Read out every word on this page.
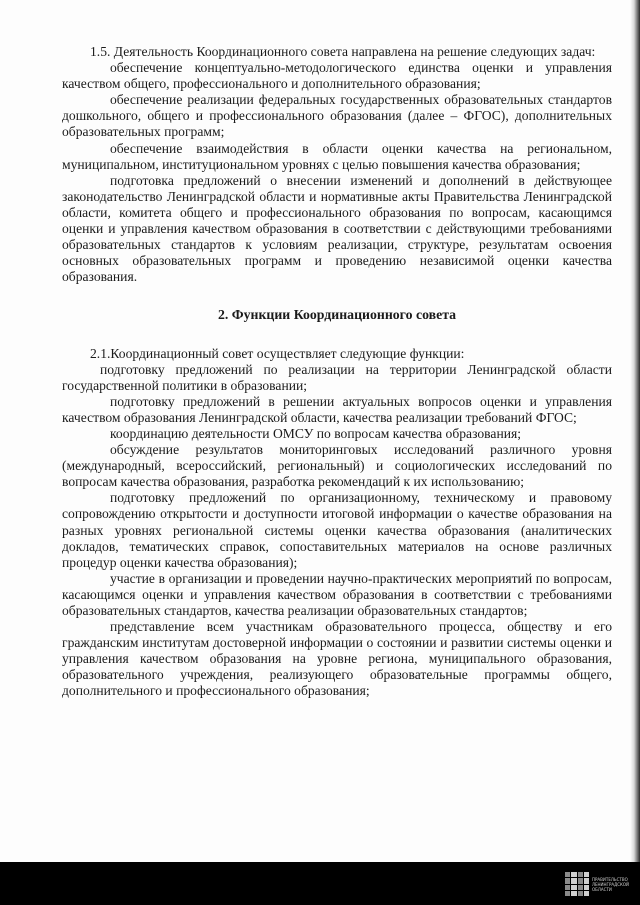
1.5. Деятельность Координационного совета направлена на решение следующих задач:

обеспечение концептуально-методологического единства оценки и управления качеством общего, профессионального и дополнительного образования;

обеспечение реализации федеральных государственных образовательных стандартов дошкольного, общего и профессионального образования (далее – ФГОС), дополнительных образовательных программ;

обеспечение взаимодействия в области оценки качества на региональном, муниципальном, институциональном уровнях с целью повышения качества образования;

подготовка предложений о внесении изменений и дополнений в действующее законодательство Ленинградской области и нормативные акты Правительства Ленинградской области, комитета общего и профессионального образования по вопросам, касающимся оценки и управления качеством образования в соответствии с действующими требованиями образовательных стандартов к условиям реализации, структуре, результатам освоения основных образовательных программ и проведению независимой оценки качества образования.

2. Функции Координационного совета

2.1.Координационный совет осуществляет следующие функции:

подготовку предложений по реализации на территории Ленинградской области государственной политики в образовании;

подготовку предложений в решении актуальных вопросов оценки и управления качеством образования Ленинградской области, качества реализации требований ФГОС;

координацию деятельности ОМСУ по вопросам качества образования;

обсуждение результатов мониторинговых исследований различного уровня (международный, всероссийский, региональный) и социологических исследований по вопросам качества образования, разработка рекомендаций к их использованию;

подготовку предложений по организационному, техническому и правовому сопровождению открытости и доступности итоговой информации о качестве образования на разных уровнях региональной системы оценки качества образования (аналитических докладов, тематических справок, сопоставительных материалов на основе различных процедур оценки качества образования);

участие в организации и проведении научно-практических мероприятий по вопросам, касающимся оценки и управления качеством образования в соответствии с требованиями образовательных стандартов, качества реализации образовательных стандартов;

представление всем участникам образовательного процесса, обществу и его гражданским институтам достоверной информации о состоянии и развитии системы оценки и управления качеством образования на уровне региона, муниципального образования, образовательного учреждения, реализующего образовательные программы общего, дополнительного и профессионального образования;

ПРАВИТЕЛЬСТВО ЛЕНИНГРАДСКОЙ ОБЛАСТИ
